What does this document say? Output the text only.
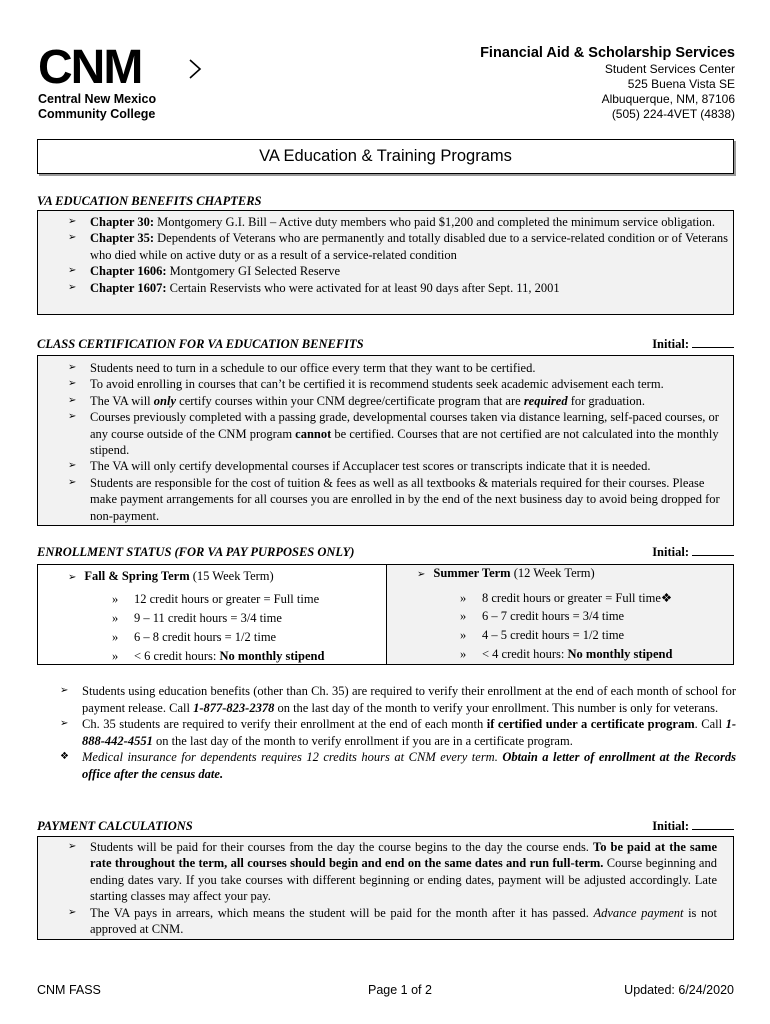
CNM
Central New Mexico
Community College
Financial Aid & Scholarship Services
Student Services Center
525 Buena Vista SE
Albuquerque, NM, 87106
(505) 224-4VET (4838)
VA Education & Training Programs
VA EDUCATION BENEFITS CHAPTERS
➢ Chapter 30: Montgomery G.I. Bill – Active duty members who paid $1,200 and completed the minimum service obligation.
➢ Chapter 35: Dependents of Veterans who are permanently and totally disabled due to a service-related condition or of Veterans who died while on active duty or as a result of a service-related condition
➢ Chapter 1606: Montgomery GI Selected Reserve
➢ Chapter 1607: Certain Reservists who were activated for at least 90 days after Sept. 11, 2001
CLASS CERTIFICATION FOR VA EDUCATION BENEFITS	Initial:
➢ Students need to turn in a schedule to our office every term that they want to be certified.
➢ To avoid enrolling in courses that can’t be certified it is recommend students seek academic advisement each term.
➢ The VA will only certify courses within your CNM degree/certificate program that are required for graduation.
➢ Courses previously completed with a passing grade, developmental courses taken via distance learning, self-paced courses, or any course outside of the CNM program cannot be certified. Courses that are not certified are not calculated into the monthly stipend.
➢ The VA will only certify developmental courses if Accuplacer test scores or transcripts indicate that it is needed.
➢ Students are responsible for the cost of tuition & fees as well as all textbooks & materials required for their courses. Please make payment arrangements for all courses you are enrolled in by the end of the next business day to avoid being dropped for non-payment.
ENROLLMENT STATUS (FOR VA PAY PURPOSES ONLY)	Initial:
➢ Fall & Spring Term (15 Week Term)
» 12 credit hours or greater = Full time
» 9 – 11 credit hours = 3/4 time
» 6 – 8 credit hours = 1/2 time
» < 6 credit hours: No monthly stipend
➢ Summer Term (12 Week Term)
» 8 credit hours or greater = Full time❖
» 6 – 7 credit hours = 3/4 time
» 4 – 5 credit hours = 1/2 time
» < 4 credit hours: No monthly stipend
➢ Students using education benefits (other than Ch. 35) are required to verify their enrollment at the end of each month of school for payment release. Call 1-877-823-2378 on the last day of the month to verify your enrollment. This number is only for veterans.
➢ Ch. 35 students are required to verify their enrollment at the end of each month if certified under a certificate program. Call 1-888-442-4551 on the last day of the month to verify enrollment if you are in a certificate program.
❖ Medical insurance for dependents requires 12 credits hours at CNM every term. Obtain a letter of enrollment at the Records office after the census date.
PAYMENT CALCULATIONS	Initial:
➢ Students will be paid for their courses from the day the course begins to the day the course ends. To be paid at the same rate throughout the term, all courses should begin and end on the same dates and run full-term. Course beginning and ending dates vary. If you take courses with different beginning or ending dates, payment will be adjusted accordingly. Late starting classes may affect your pay.
➢ The VA pays in arrears, which means the student will be paid for the month after it has passed. Advance payment is not approved at CNM.
CNM FASS	Page 1 of 2	Updated: 6/24/2020
